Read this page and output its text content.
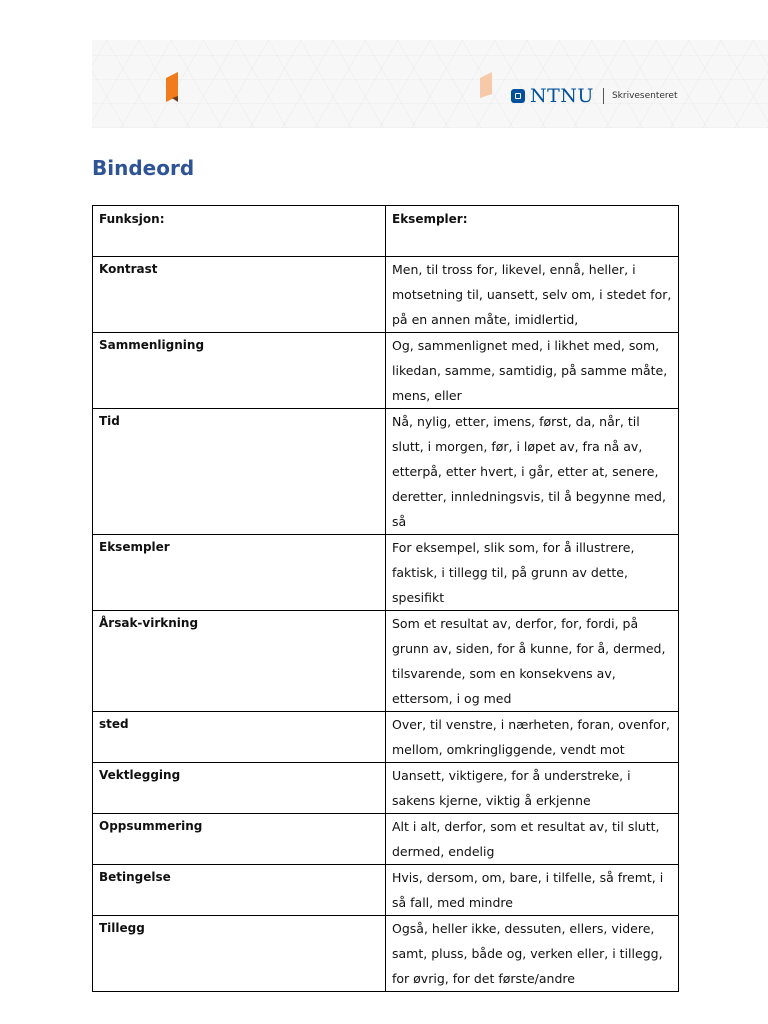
NTNU Skrivesenteret
Bindeord
Funksjon:	Eksempler:
Kontrast	Men, til tross for, likevel, ennå, heller, i motsetning til, uansett, selv om, i stedet for, på en annen måte, imidlertid,
Sammenligning	Og, sammenlignet med, i likhet med, som, likedan, samme, samtidig, på samme måte, mens, eller
Tid	Nå, nylig, etter, imens, først, da, når, til slutt, i morgen, før, i løpet av, fra nå av, etterpå, etter hvert, i går, etter at, senere, deretter, innledningsvis, til å begynne med, så
Eksempler	For eksempel, slik som, for å illustrere, faktisk, i tillegg til, på grunn av dette, spesifikt
Årsak-virkning	Som et resultat av, derfor, for, fordi, på grunn av, siden, for å kunne, for å, dermed, tilsvarende, som en konsekvens av, ettersom, i og med
sted	Over, til venstre, i nærheten, foran, ovenfor, mellom, omkringliggende, vendt mot
Vektlegging	Uansett, viktigere, for å understreke, i sakens kjerne, viktig å erkjenne
Oppsummering	Alt i alt, derfor, som et resultat av, til slutt, dermed, endelig
Betingelse	Hvis, dersom, om, bare, i tilfelle, så fremt, i så fall, med mindre
Tillegg	Også, heller ikke, dessuten, ellers, videre, samt, pluss, både og, verken eller, i tillegg, for øvrig, for det første/andre
